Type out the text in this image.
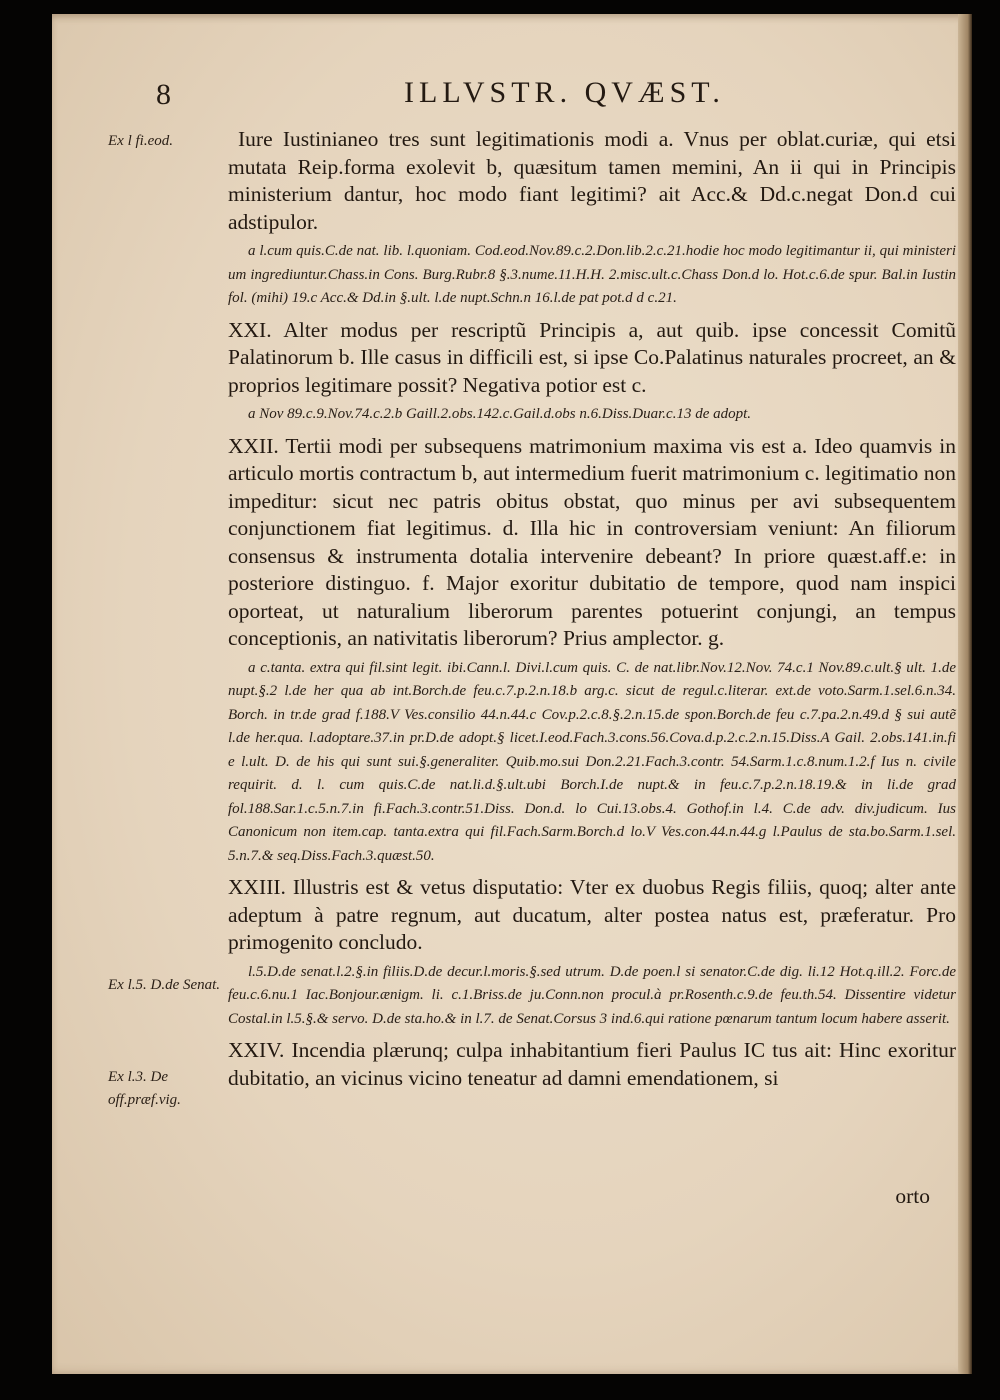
8	ILLVSTR. QVÆST.
Ex l fi.eod.
Ex l.5. D.de Senat.
Ex l.3. De off.præf.vig.

Iure Iustinianeo tres sunt legitimationis modi a. Vnus per oblat.curiæ, qui etsi mutata Reip.forma exolevit b, quæsitum tamen memini, An ii qui in Principis ministerium dantur, hoc modo fiant legitimi? ait Acc.& Dd.c.negat Don.d cui adstipulor.

a l.cum quis.C.de nat. lib. l.quoniam. Cod.eod.Nov.89.c.2.Don.lib.2.c.21.hodie hoc modo legitimantur ii, qui ministeri um ingrediuntur.Chass.in Cons. Burg.Rubr.8 §.3.nume.11.H.H. 2.misc.ult.c.Chass Don.d lo. Hot.c.6.de spur. Bal.in Iustin fol. (mihi) 19.c Acc.& Dd.in §.ult. l.de nupt.Schn.n 16.l.de pat pot.d d c.21.

XXI. Alter modus per rescriptũ Principis a, aut quib. ipse concessit Comitũ Palatinorum b. Ille casus in difficili est, si ipse Co.Palatinus naturales procreet, an & proprios legitimare possit? Negativa potior est c.

a Nov 89.c.9.Nov.74.c.2.b Gaill.2.obs.142.c.Gail.d.obs n.6.Diss.Duar.c.13 de adopt.

XXII. Tertii modi per subsequens matrimonium maxima vis est a. Ideo quamvis in articulo mortis contractum b, aut intermedium fuerit matrimonium c. legitimatio non impeditur: sicut nec patris obitus obstat, quo minus per avi subsequentem conjunctionem fiat legitimus. d. Illa hic in controversiam veniunt: An filiorum consensus & instrumenta dotalia intervenire debeant? In priore quæst.aff.e: in posteriore distinguo. f. Major exoritur dubitatio de tempore, quod nam inspici oporteat, ut naturalium liberorum parentes potuerint conjungi, an tempus conceptionis, an nativitatis liberorum? Prius amplector. g.

a c.tanta. extra qui fil.sint legit. ibi.Cann.l. Divi.l.cum quis. C. de nat.libr.Nov.12.Nov. 74.c.1 Nov.89.c.ult.§ ult. 1.de nupt.§.2 l.de her qua ab int.Borch.de feu.c.7.p.2.n.18.b arg.c. sicut de regul.c.literar. ext.de voto.Sarm.1.sel.6.n.34. Borch. in tr.de grad f.188.V Ves.consilio 44.n.44.c Cov.p.2.c.8.§.2.n.15.de spon.Borch.de feu c.7.pa.2.n.49.d § sui autẽ l.de her.qua. l.adoptare.37.in pr.D.de adopt.§ licet.I.eod.Fach.3.cons.56.Cova.d.p.2.c.2.n.15.Diss.A Gail. 2.obs.141.in.fi e l.ult. D. de his qui sunt sui.§.generaliter. Quib.mo.sui Don.2.21.Fach.3.contr. 54.Sarm.1.c.8.num.1.2.f Ius n. civile requirit. d. l. cum quis.C.de nat.li.d.§.ult.ubi Borch.I.de nupt.& in feu.c.7.p.2.n.18.19.& in li.de grad fol.188.Sar.1.c.5.n.7.in fi.Fach.3.contr.51.Diss. Don.d. lo Cui.13.obs.4. Gothof.in l.4. C.de adv. div.judicum. Ius Canonicum non item.cap. tanta.extra qui fil.Fach.Sarm.Borch.d lo.V Ves.con.44.n.44.g l.Paulus de sta.bo.Sarm.1.sel. 5.n.7.& seq.Diss.Fach.3.quæst.50.

XXIII. Illustris est & vetus disputatio: Vter ex duobus Regis filiis, quoq; alter ante adeptum à patre regnum, aut ducatum, alter postea natus est, præferatur. Pro primogenito concludo.

l.5.D.de senat.l.2.§.in filiis.D.de decur.l.moris.§.sed utrum. D.de poen.l si senator.C.de dig. li.12 Hot.q.ill.2. Forc.de feu.c.6.nu.1 Iac.Bonjour.ænigm. li. c.1.Briss.de ju.Conn.non procul.à pr.Rosenth.c.9.de feu.th.54. Dissentire videtur Costal.in l.5.§.& servo. D.de sta.ho.& in l.7. de Senat.Corsus 3 ind.6.qui ratione pœnarum tantum locum habere asserit.

XXIV. Incendia plærunq; culpa inhabitantium fieri Paulus IC tus ait: Hinc exoritur dubitatio, an vicinus vicino teneatur ad damni emendationem, si

orto
